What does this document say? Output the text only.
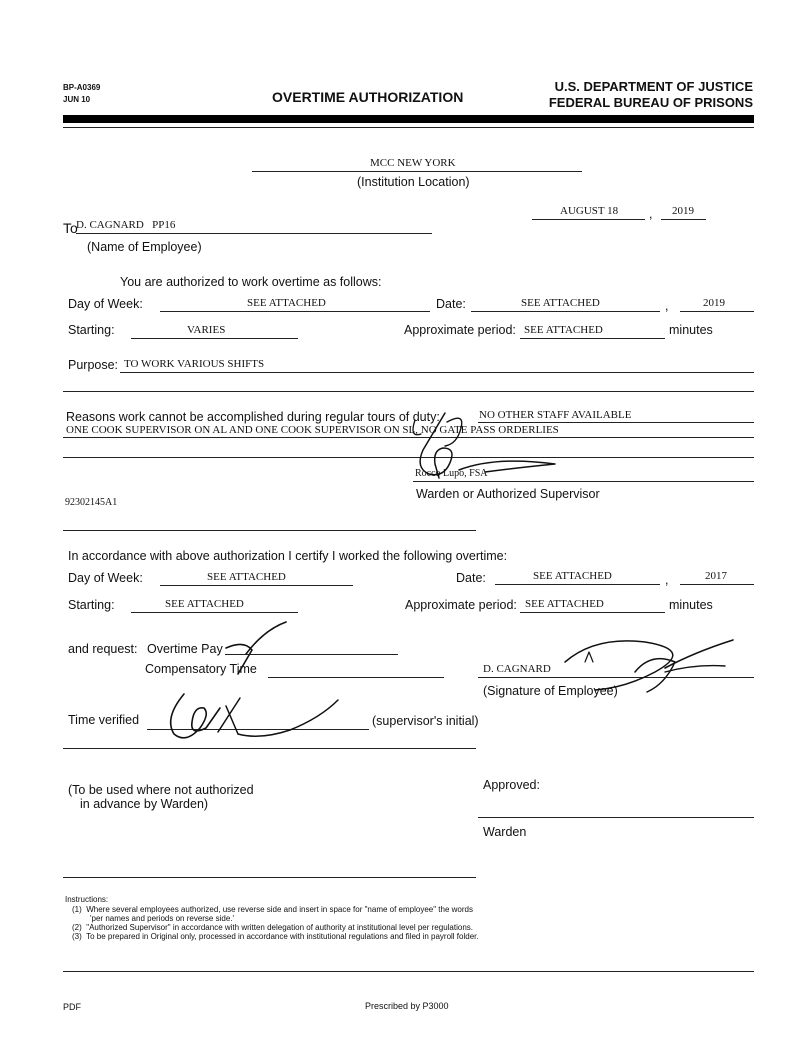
BP-A0369
JUN 10	OVERTIME AUTHORIZATION
U.S. DEPARTMENT OF JUSTICE
FEDERAL BUREAU OF PRISONS
MCC NEW YORK
(Institution Location)
AUGUST 18 , 2019
To
D. CAGNARD   PP16
(Name of Employee)
You are authorized to work overtime as follows:
Day of Week:	SEE ATTACHED	Date:	SEE ATTACHED	,	2019
Starting:	VARIES	Approximate period: SEE ATTACHED	minutes
Purpose: TO WORK VARIOUS SHIFTS
Reasons work cannot be accomplished during regular tours of duty:	NO OTHER STAFF AVAILABLE
ONE COOK SUPERVISOR ON AL AND ONE COOK SUPERVISOR ON SL, NO GATE PASS ORDERLIES
Rocco Lupo, FSA
Warden or Authorized Supervisor
92302145A1
In accordance with above authorization I certify I worked the following overtime:
Day of Week:	SEE ATTACHED	Date:	SEE ATTACHED	,	2017
Starting:	SEE ATTACHED	Approximate period: SEE ATTACHED	minutes
and request: Overtime Pay
Compensatory Time	D. CAGNARD
(Signature of Employee)
Time verified	(supervisor's initial)
(To be used where not authorized
in advance by Warden)
Approved:
Warden
Instructions:
(1)  Where several employees authorized, use reverse side and insert in space for "name of employee" the words
'per names and periods on reverse side.'
(2)  "Authorized Supervisor" in accordance with written delegation of authority at institutional level per regulations.
(3)  To be prepared in Original only, processed in accordance with institutional regulations and filed in payroll folder.
PDF	Prescribed by P3000
